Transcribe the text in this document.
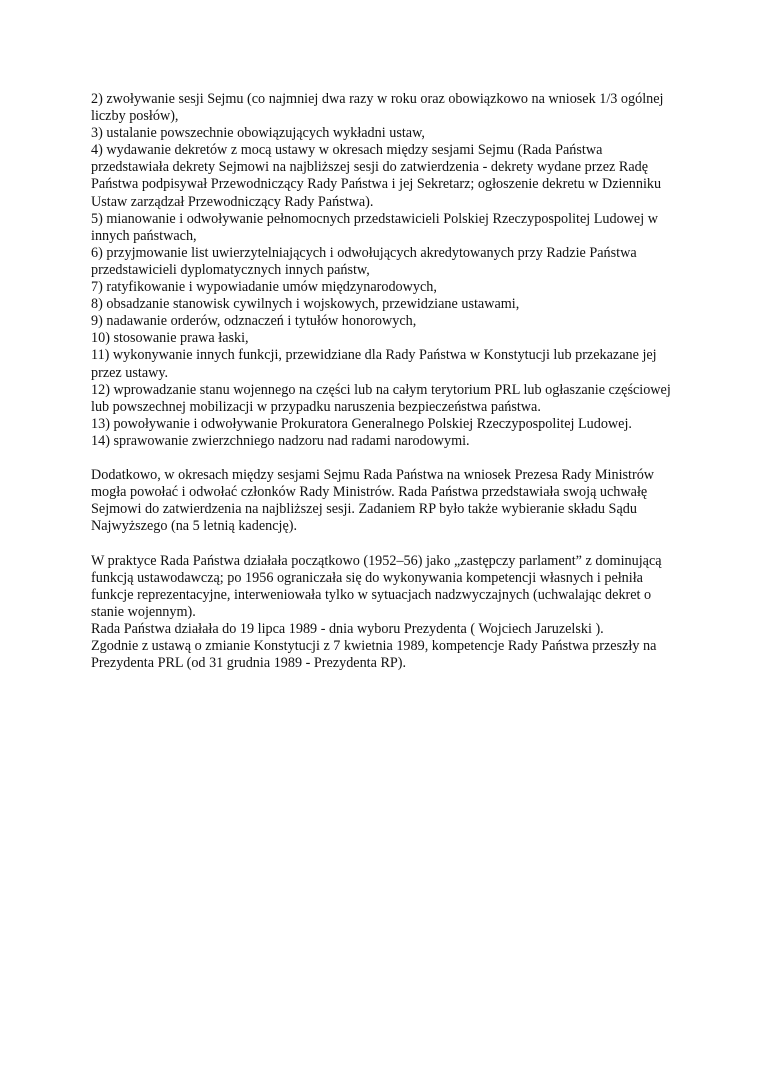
2) zwoływanie sesji Sejmu (co najmniej dwa razy w roku oraz obowiązkowo na wniosek 1/3 ogólnej liczby posłów),

3) ustalanie powszechnie obowiązujących wykładni ustaw,

4) wydawanie dekretów z mocą ustawy w okresach między sesjami Sejmu (Rada Państwa przedstawiała dekrety Sejmowi na najbliższej sesji do zatwierdzenia - dekrety wydane przez Radę Państwa podpisywał Przewodniczący Rady Państwa i jej Sekretarz; ogłoszenie dekretu w Dzienniku Ustaw zarządzał Przewodniczący Rady Państwa).

5) mianowanie i odwoływanie pełnomocnych przedstawicieli Polskiej Rzeczypospolitej Ludowej w innych państwach,

6) przyjmowanie list uwierzytelniających i odwołujących akredytowanych przy Radzie Państwa przedstawicieli dyplomatycznych innych państw,

7) ratyfikowanie i wypowiadanie umów międzynarodowych,

8) obsadzanie stanowisk cywilnych i wojskowych, przewidziane ustawami,

9) nadawanie orderów, odznaczeń i tytułów honorowych,

10) stosowanie prawa łaski,

11) wykonywanie innych funkcji, przewidziane dla Rady Państwa w Konstytucji lub przekazane jej przez ustawy.

12) wprowadzanie stanu wojennego na części lub na całym terytorium PRL lub ogłaszanie częściowej lub powszechnej mobilizacji w przypadku naruszenia bezpieczeństwa państwa.

13) powoływanie i odwoływanie Prokuratora Generalnego Polskiej Rzeczypospolitej Ludowej.

14) sprawowanie zwierzchniego nadzoru nad radami narodowymi.

Dodatkowo, w okresach między sesjami Sejmu Rada Państwa na wniosek Prezesa Rady Ministrów mogła powołać i odwołać członków Rady Ministrów. Rada Państwa przedstawiała swoją uchwałę Sejmowi do zatwierdzenia na najbliższej sesji. Zadaniem RP było także wybieranie składu Sądu Najwyższego (na 5 letnią kadencję).

W praktyce Rada Państwa działała początkowo (1952–56) jako „zastępczy parlament” z dominującą funkcją ustawodawczą; po 1956 ograniczała się do wykonywania kompetencji własnych i pełniła funkcje reprezentacyjne, interweniowała tylko w sytuacjach nadzwyczajnych (uchwalając dekret o stanie wojennym).

Rada Państwa działała do 19 lipca 1989 - dnia wyboru Prezydenta ( Wojciech Jaruzelski ).

Zgodnie z ustawą o zmianie Konstytucji z 7 kwietnia 1989, kompetencje Rady Państwa przeszły na Prezydenta PRL (od 31 grudnia 1989 - Prezydenta RP).
